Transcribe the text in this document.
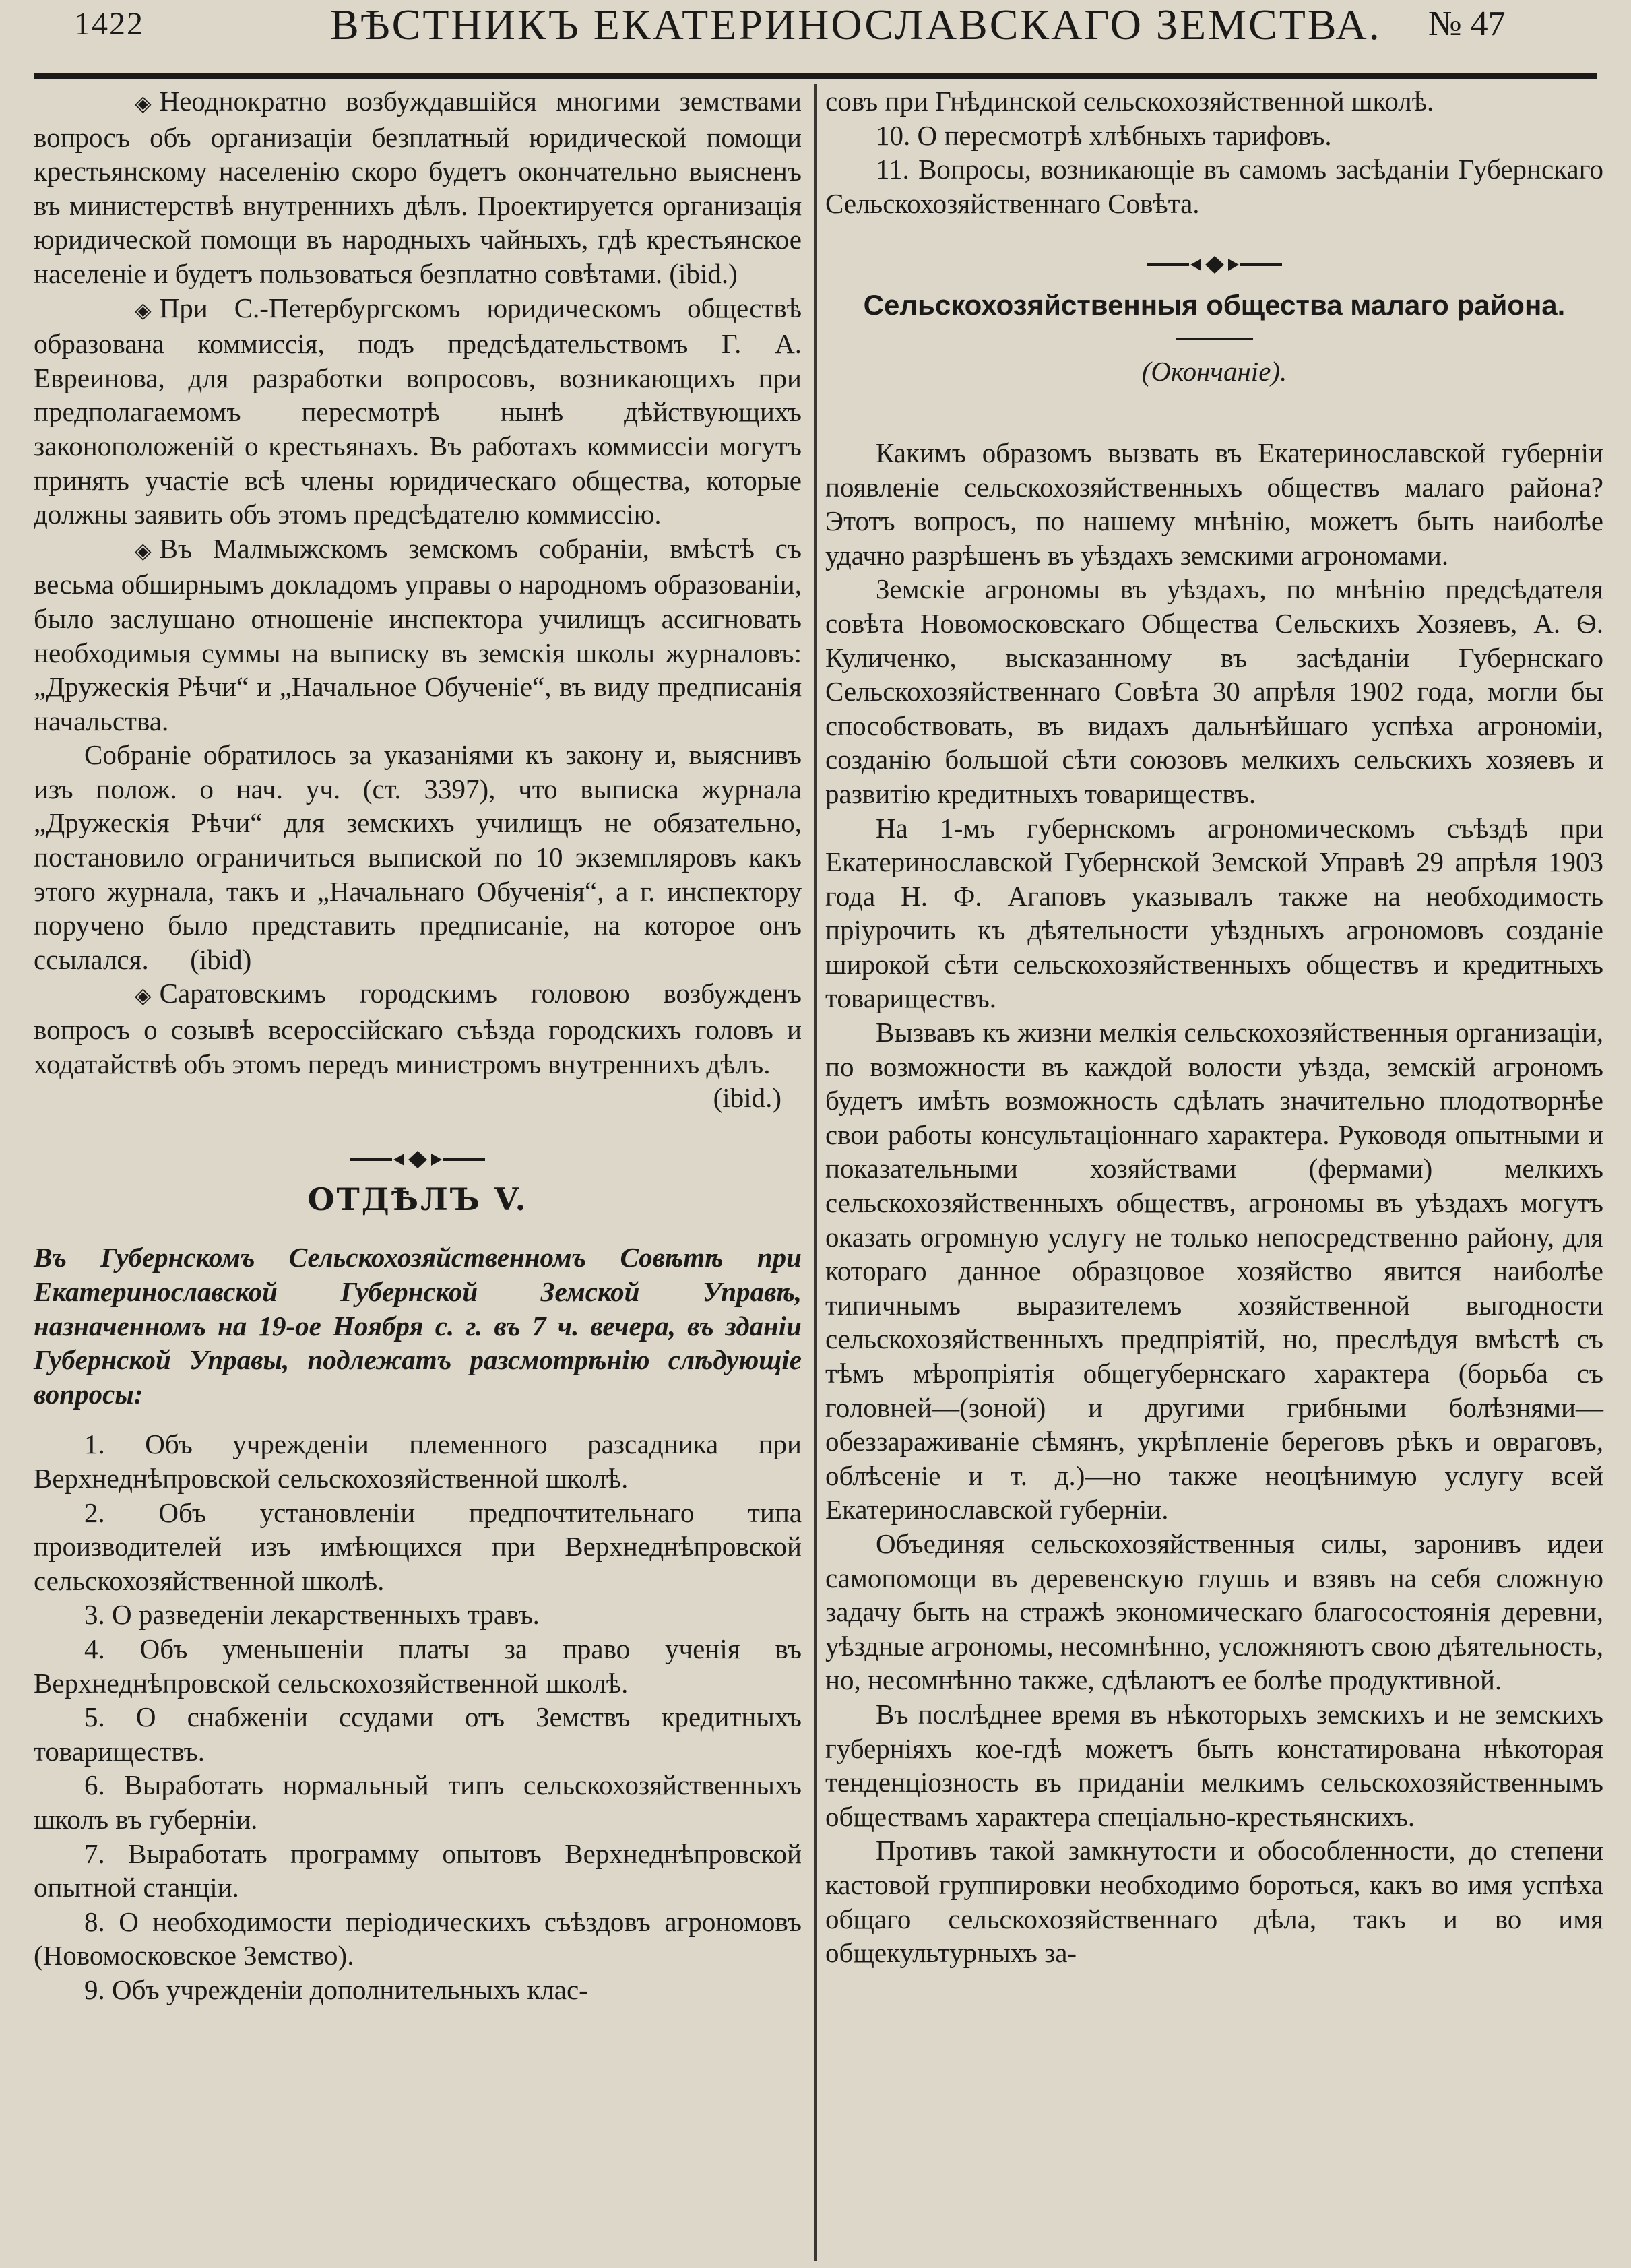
1422	ВѢСТНИКЪ ЕКАТЕРИНОСЛАВСКАГО ЗЕМСТВА. № 47

◈ Неоднократно возбуждавшійся многими земствами вопросъ объ организаціи безплатный юридической помощи крестьянскому населенію скоро будетъ окончательно выясненъ въ министерствѣ внутреннихъ дѣлъ. Проектируется организація юридической помощи въ народныхъ чайныхъ, гдѣ крестьянское населеніе и будетъ пользоваться безплатно совѣтами. (ibid.)

◈ При С.-Петербургскомъ юридическомъ обществѣ образована коммиссія, подъ предсѣдательствомъ Г. А. Евреинова, для разработки вопросовъ, возникающихъ при предполагаемомъ пересмотрѣ нынѣ дѣйствующихъ законоположеній о крестьянахъ. Въ работахъ коммиссіи могутъ принять участіе всѣ члены юридическаго общества, которые должны заявить объ этомъ предсѣдателю коммиссію.

◈ Въ Малмыжскомъ земскомъ собраніи, вмѣстѣ съ весьма обширнымъ докладомъ управы о народномъ образованіи, было заслушано отношеніе инспектора училищъ ассигновать необходимыя суммы на выписку въ земскія школы журналовъ: „Дружескія Рѣчи“ и „Начальное Обученіе“, въ виду предписанія начальства.

Собраніе обратилось за указаніями къ закону и, выяснивъ изъ полож. о нач. уч. (ст. 3397), что выписка журнала „Дружескія Рѣчи“ для земскихъ училищъ не обязательно, постановило ограничиться выпиской по 10 экземпляровъ какъ этого журнала, такъ и „Начальнаго Обученія“, а г. инспектору поручено было представить предписаніе, на которое онъ ссылался. (ibid)

◈ Саратовскимъ городскимъ головою возбужденъ вопросъ о созывѣ всероссійскаго съѣзда городскихъ головъ и ходатайствѣ объ этомъ передъ министромъ внутреннихъ дѣлъ.

(ibid.)
ОТДѢЛЪ V.
Въ Губернскомъ Сельскохозяйственномъ Совѣтѣ при Екатеринославской Губернской Земской Управѣ, назначенномъ на 19-ое Ноября с. г. въ 7 ч. вечера, въ зданіи Губернской Управы, подлежатъ разсмотрѣнію слѣдующіе вопросы:

1. Объ учрежденіи племенного разсадника при Верхнеднѣпровской сельскохозяйственной школѣ.

2. Объ установленіи предпочтительнаго типа производителей изъ имѣющихся при Верхнеднѣпровской сельскохозяйственной школѣ.

3. О разведеніи лекарственныхъ травъ.

4. Объ уменьшеніи платы за право ученія въ Верхнеднѣпровской сельскохозяйственной школѣ.

5. О снабженіи ссудами отъ Земствъ кредитныхъ товариществъ.

6. Выработать нормальный типъ сельскохозяйственныхъ школъ въ губерніи.

7. Выработать программу опытовъ Верхнеднѣпровской опытной станціи.

8. О необходимости періодическихъ съѣздовъ агрономовъ (Новомосковское Земство).

9. Объ учрежденіи дополнительныхъ клас-

совъ при Гнѣдинской сельскохозяйственной школѣ.

10. О пересмотрѣ хлѣбныхъ тарифовъ.

11. Вопросы, возникающіе въ самомъ засѣданіи Губернскаго Сельскохозяйственнаго Совѣта.

Сельскохозяйственныя общества малаго района.
(Окончаніе).

Какимъ образомъ вызвать въ Екатеринославской губерніи появленіе сельскохозяйственныхъ обществъ малаго района? Этотъ вопросъ, по нашему мнѣнію, можетъ быть наиболѣе удачно разрѣшенъ въ уѣздахъ земскими агрономами.

Земскіе агрономы въ уѣздахъ, по мнѣнію предсѣдателя совѣта Новомосковскаго Общества Сельскихъ Хозяевъ, А. Ѳ. Куличенко, высказанному въ засѣданіи Губернскаго Сельскохозяйственнаго Совѣта 30 апрѣля 1902 года, могли бы способствовать, въ видахъ дальнѣйшаго успѣха агрономіи, созданію большой сѣти союзовъ мелкихъ сельскихъ хозяевъ и развитію кредитныхъ товариществъ.

На 1-мъ губернскомъ агрономическомъ съѣздѣ при Екатеринославской Губернской Земской Управѣ 29 апрѣля 1903 года Н. Ф. Агаповъ указывалъ также на необходимость пріурочить къ дѣятельности уѣздныхъ агрономовъ созданіе широкой сѣти сельскохозяйственныхъ обществъ и кредитныхъ товариществъ.

Вызвавъ къ жизни мелкія сельскохозяйственныя организаціи, по возможности въ каждой волости уѣзда, земскій агрономъ будетъ имѣть возможность сдѣлать значительно плодотворнѣе свои работы консультаціоннаго характера. Руководя опытными и показательными хозяйствами (фермами) мелкихъ сельскохозяйственныхъ обществъ, агрономы въ уѣздахъ могутъ оказать огромную услугу не только непосредственно району, для котораго данное образцовое хозяйство явится наиболѣе типичнымъ выразителемъ хозяйственной выгодности сельскохозяйственныхъ предпріятій, но, преслѣдуя вмѣстѣ съ тѣмъ мѣропріятія общегубернскаго характера (борьба съ головней—(зоной) и другими грибными болѣзнями—обеззараживаніе сѣмянъ, укрѣпленіе береговъ рѣкъ и овраговъ, облѣсеніе и т. д.)—но также неоцѣнимую услугу всей Екатеринославской губерніи.

Объединяя сельскохозяйственныя силы, заронивъ идеи самопомощи въ деревенскую глушь и взявъ на себя сложную задачу быть на стражѣ экономическаго благосостоянія деревни, уѣздные агрономы, несомнѣнно, усложняютъ свою дѣятельность, но, несомнѣнно также, сдѣлаютъ ее болѣе продуктивной.

Въ послѣднее время въ нѣкоторыхъ земскихъ и не земскихъ губерніяхъ кое-гдѣ можетъ быть констатирована нѣкоторая тенденціозность въ приданіи мелкимъ сельскохозяйственнымъ обществамъ характера спеціально-крестьянскихъ.

Противъ такой замкнутости и обособленности, до степени кастовой группировки необходимо бороться, какъ во имя успѣха общаго сельскохозяйственнаго дѣла, такъ и во имя общекультурныхъ за-
